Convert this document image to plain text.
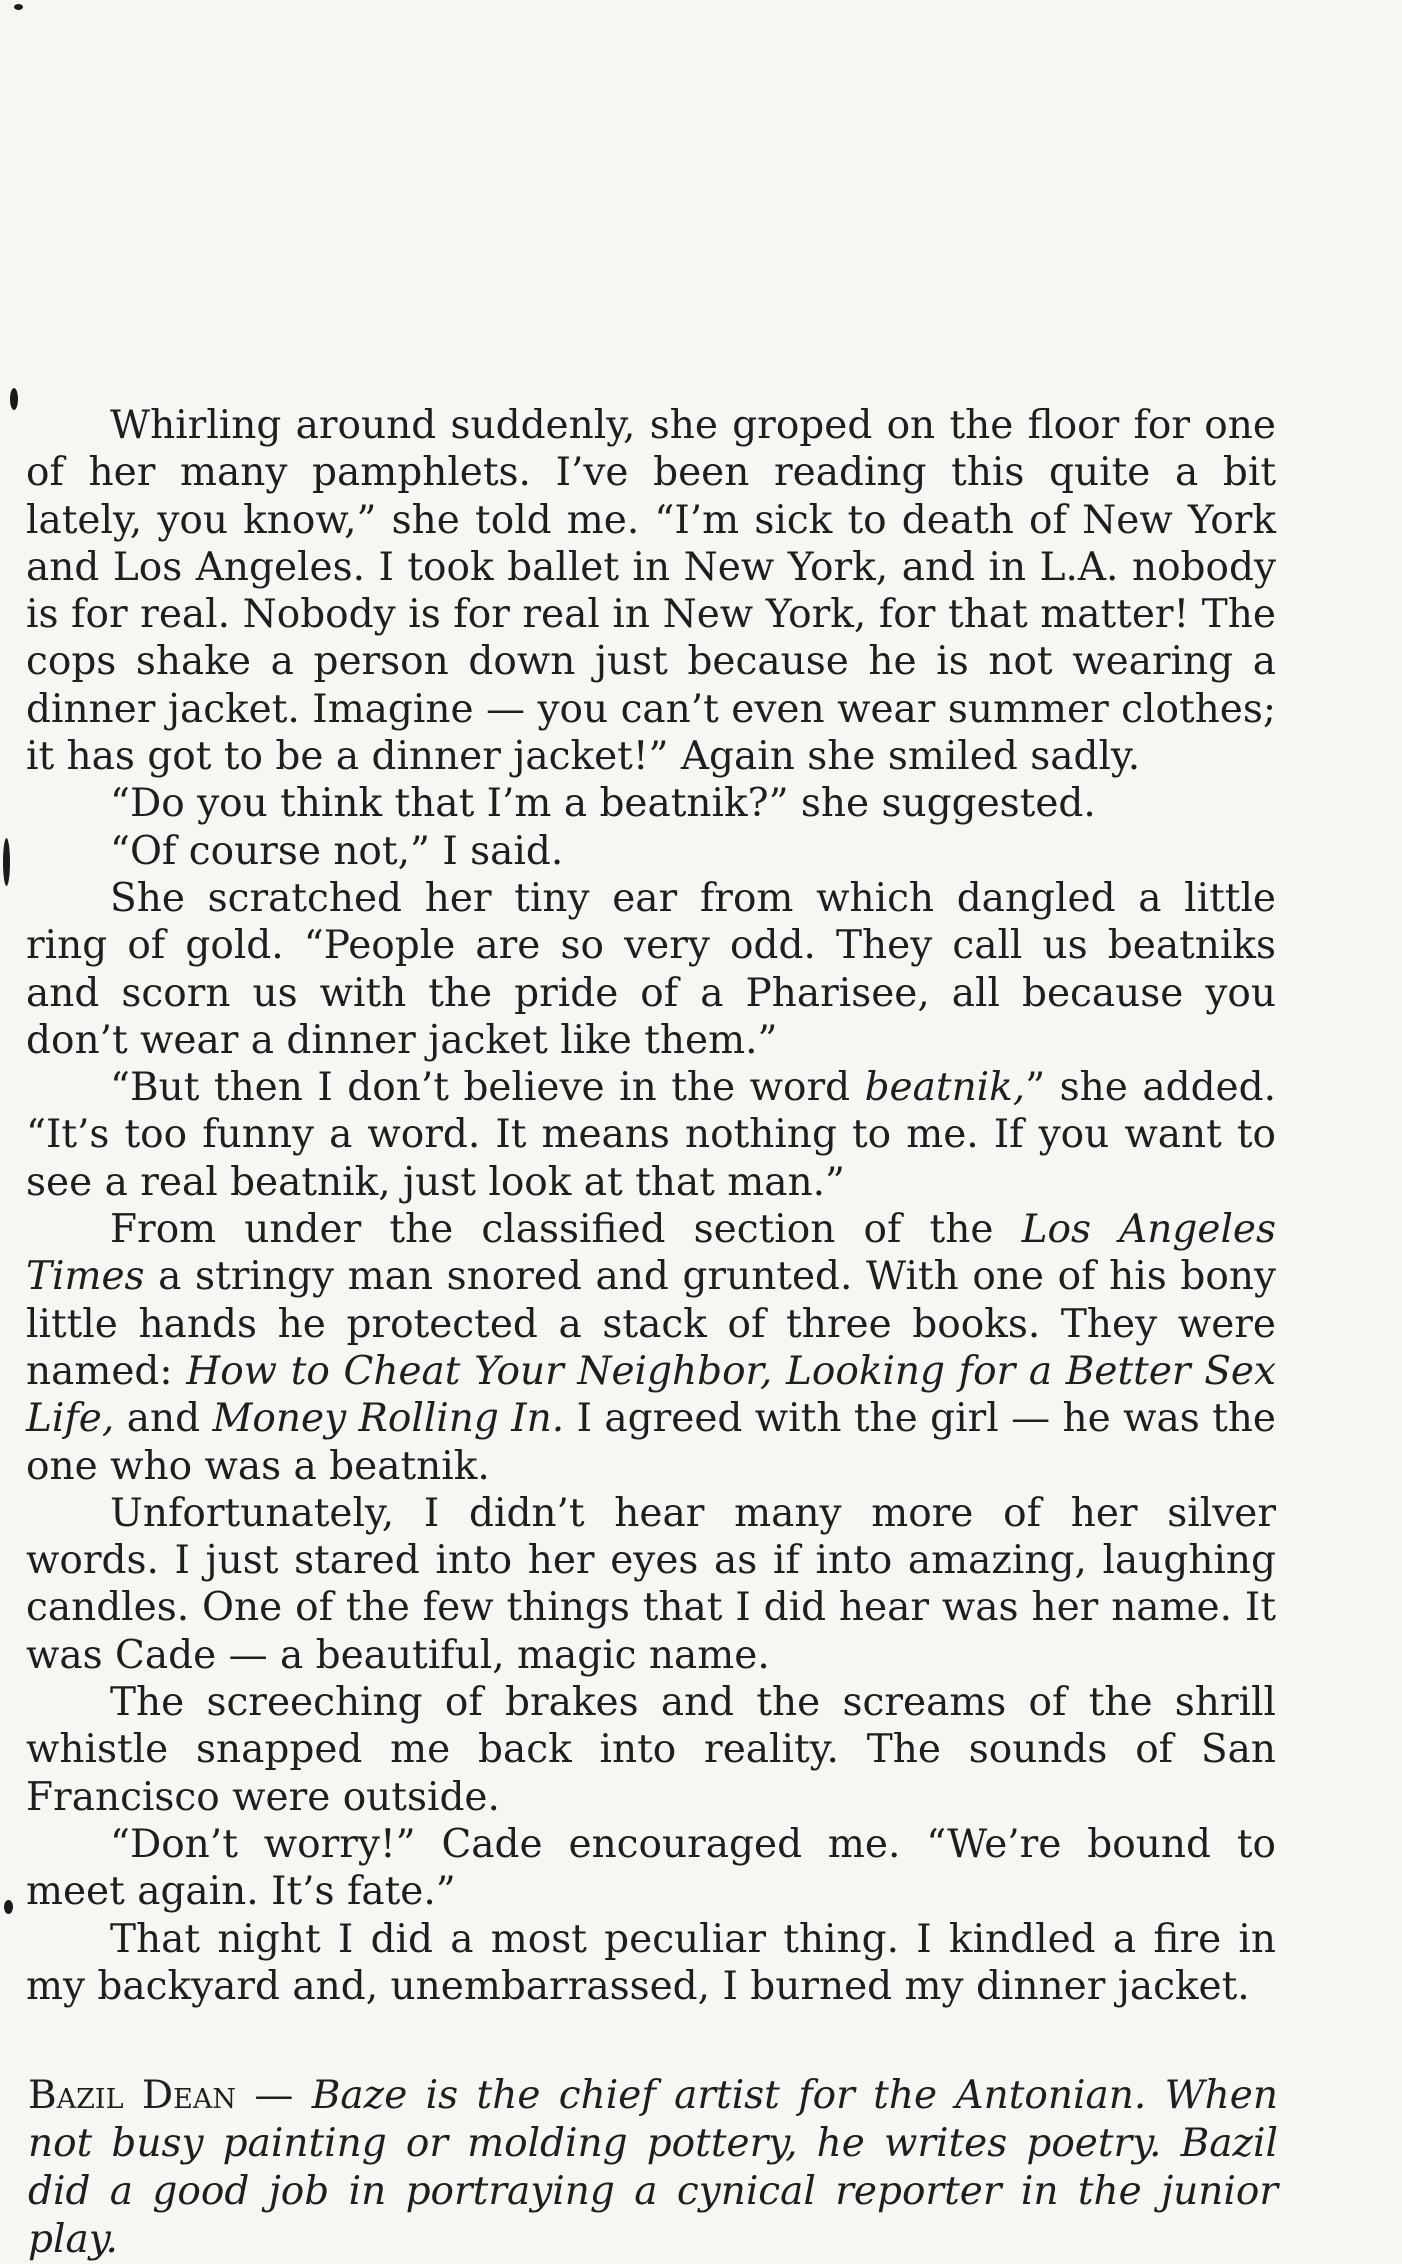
Whirling around suddenly, she groped on the floor for one of her many pamphlets. I’ve been reading this quite a bit lately, you know,” she told me. “I’m sick to death of New York and Los Angeles. I took ballet in New York, and in L.A. nobody is for real. Nobody is for real in New York, for that matter! The cops shake a person down just because he is not wearing a dinner jacket. Imagine — you can’t even wear summer clothes; it has got to be a dinner jacket!” Again she smiled sadly.

“Do you think that I’m a beatnik?” she suggested.

“Of course not,” I said.

She scratched her tiny ear from which dangled a little ring of gold. “People are so very odd. They call us beatniks and scorn us with the pride of a Pharisee, all because you don’t wear a dinner jacket like them.”

“But then I don’t believe in the word beatnik,” she added. “It’s too funny a word. It means nothing to me. If you want to see a real beatnik, just look at that man.”

From under the classified section of the Los Angeles Times a stringy man snored and grunted. With one of his bony little hands he protected a stack of three books. They were named: How to Cheat Your Neighbor, Looking for a Better Sex Life, and Money Rolling In. I agreed with the girl — he was the one who was a beatnik.

Unfortunately, I didn’t hear many more of her silver words. I just stared into her eyes as if into amazing, laughing candles. One of the few things that I did hear was her name. It was Cade — a beautiful, magic name.

The screeching of brakes and the screams of the shrill whistle snapped me back into reality. The sounds of San Francisco were outside.

“Don’t worry!” Cade encouraged me. “We’re bound to meet again. It’s fate.”

That night I did a most peculiar thing. I kindled a fire in my backyard and, unembarrassed, I burned my dinner jacket.

Bazil Dean — Baze is the chief artist for the Antonian. When not busy painting or molding pottery, he writes poetry. Bazil did a good job in portraying a cynical reporter in the junior play.
